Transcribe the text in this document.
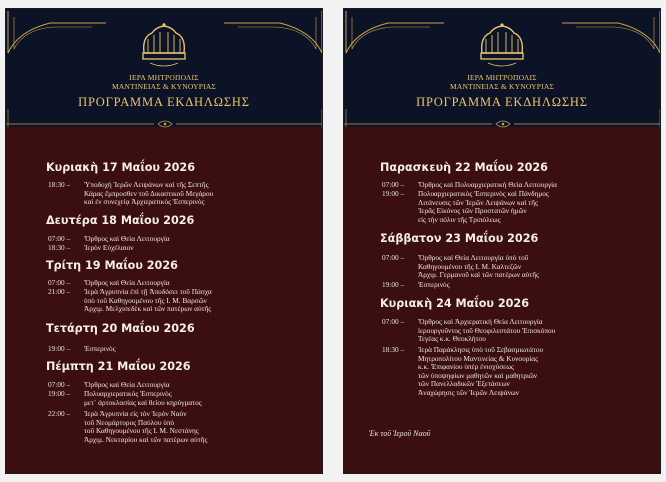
ΙΕΡΑ ΜΗΤΡΟΠΟΛΙΣ
ΜΑΝΤΙΝΕΙΑΣ & ΚΥΝΟΥΡΙΑΣ
ΠΡΟΓΡΑΜΜΑ ΕΚΔΗΛΩΣΗΣ
Κυριακὴ 17 Μαΐου 2026
18:30 – Ὑποδοχὴ Ἱερῶν Λειψάνων καὶ τῆς Σεπτῆς
Κάρας ἔμπροσθεν τοῦ Δικαστικοῦ Μεγάρου
καὶ ἐν συνεχείᾳ Ἀρχιερατικὸς Ἑσπερινὸς
Δευτέρα 18 Μαΐου 2026
07:00 – Ὄρθρος καὶ Θεία Λειτουργία
18:30 – Ἱερὸν Εὐχέλαιον
Τρίτη 19 Μαΐου 2026
07:00 – Ὄρθρος καὶ Θεία Λειτουργία
21:00 – Ἱερὰ Ἀγρυπνία ἐπὶ τῇ Ἀποδόσει τοῦ Πάσχα
ὑπὸ τοῦ Καθηγουμένου τῆς Ι. Μ. Βαρσῶν
Ἀρχιμ. Μελχισεδὲκ καὶ τῶν πατέρων αὐτῆς
Τετάρτη 20 Μαΐου 2026
19:00 – Ἑσπερινὸς
Πέμπτη 21 Μαΐου 2026
07:00 – Ὄρθρος καὶ Θεία Λειτουργία
19:00 – Πολυαρχιερατικὸς Ἑσπερινὸς
μετ᾽ ἀρτοκλασίας καὶ θείου κηρύγματος
22:00 – Ἱερὰ Ἀγρυπνία εἰς τὸν Ἱερὸν Ναὸν
τοῦ Νεομάρτυρος Παύλου ὑπὸ
τοῦ Καθηγουμένου τῆς Ι. Μ. Νεστάνης
Ἀρχιμ. Νεκταρίου καὶ τῶν πατέρων αὐτῆς
ΙΕΡΑ ΜΗΤΡΟΠΟΛΙΣ
ΜΑΝΤΙΝΕΙΑΣ & ΚΥΝΟΥΡΙΑΣ
ΠΡΟΓΡΑΜΜΑ ΕΚΔΗΛΩΣΗΣ
Παρασκευὴ 22 Μαΐου 2026
07:00 – Ὄρθρος καὶ Πολυαρχιερατικὴ Θεία Λειτουργία
19:00 – Πολυαρχιερατικὸς Ἑσπερινὸς καὶ Πάνδημος
Λιτάνευσις τῶν Ἱερῶν Λειψάνων καὶ τῆς
Ἱερᾶς Εἰκόνος τῶν Προστατῶν ἡμῶν
εἰς τὴν πόλιν τῆς Τριπόλεως
Σάββατον 23 Μαΐου 2026
07:00 – Ὄρθρος καὶ Θεία Λειτουργία ὑπὸ τοῦ
Καθηγουμένου τῆς Ι. Μ. Καλτεζῶν
Ἀρχιμ. Γερμανοῦ καὶ τῶν πατέρων αὐτῆς
19:00 – Ἑσπερινὸς
Κυριακὴ 24 Μαΐου 2026
07:00 – Ὄρθρος καὶ Ἀρχιερατικὴ Θεία Λειτουργία
ἱερουργοῦντος τοῦ Θεοφιλεστάτου Ἐπισκόπου
Τεγέας κ.κ. Θεοκλήτου
18:30 – Ἱερὰ Παράκλησις ὑπὸ τοῦ Σεβασμιωτάτου
Μητροπολίτου Μαντινείας & Κυνουρίας
κ.κ. Ἐπιφανίου ὑπὲρ ἐνισχύσεως
τῶν ὑποψηφίων μαθητῶν καὶ μαθητριῶν
τῶν Πανελλαδικῶν Ἐξετάσεων
Ἀναχώρησις τῶν Ἱερῶν Λειψάνων
Ἐκ τοῦ Ἱεροῦ Ναοῦ
